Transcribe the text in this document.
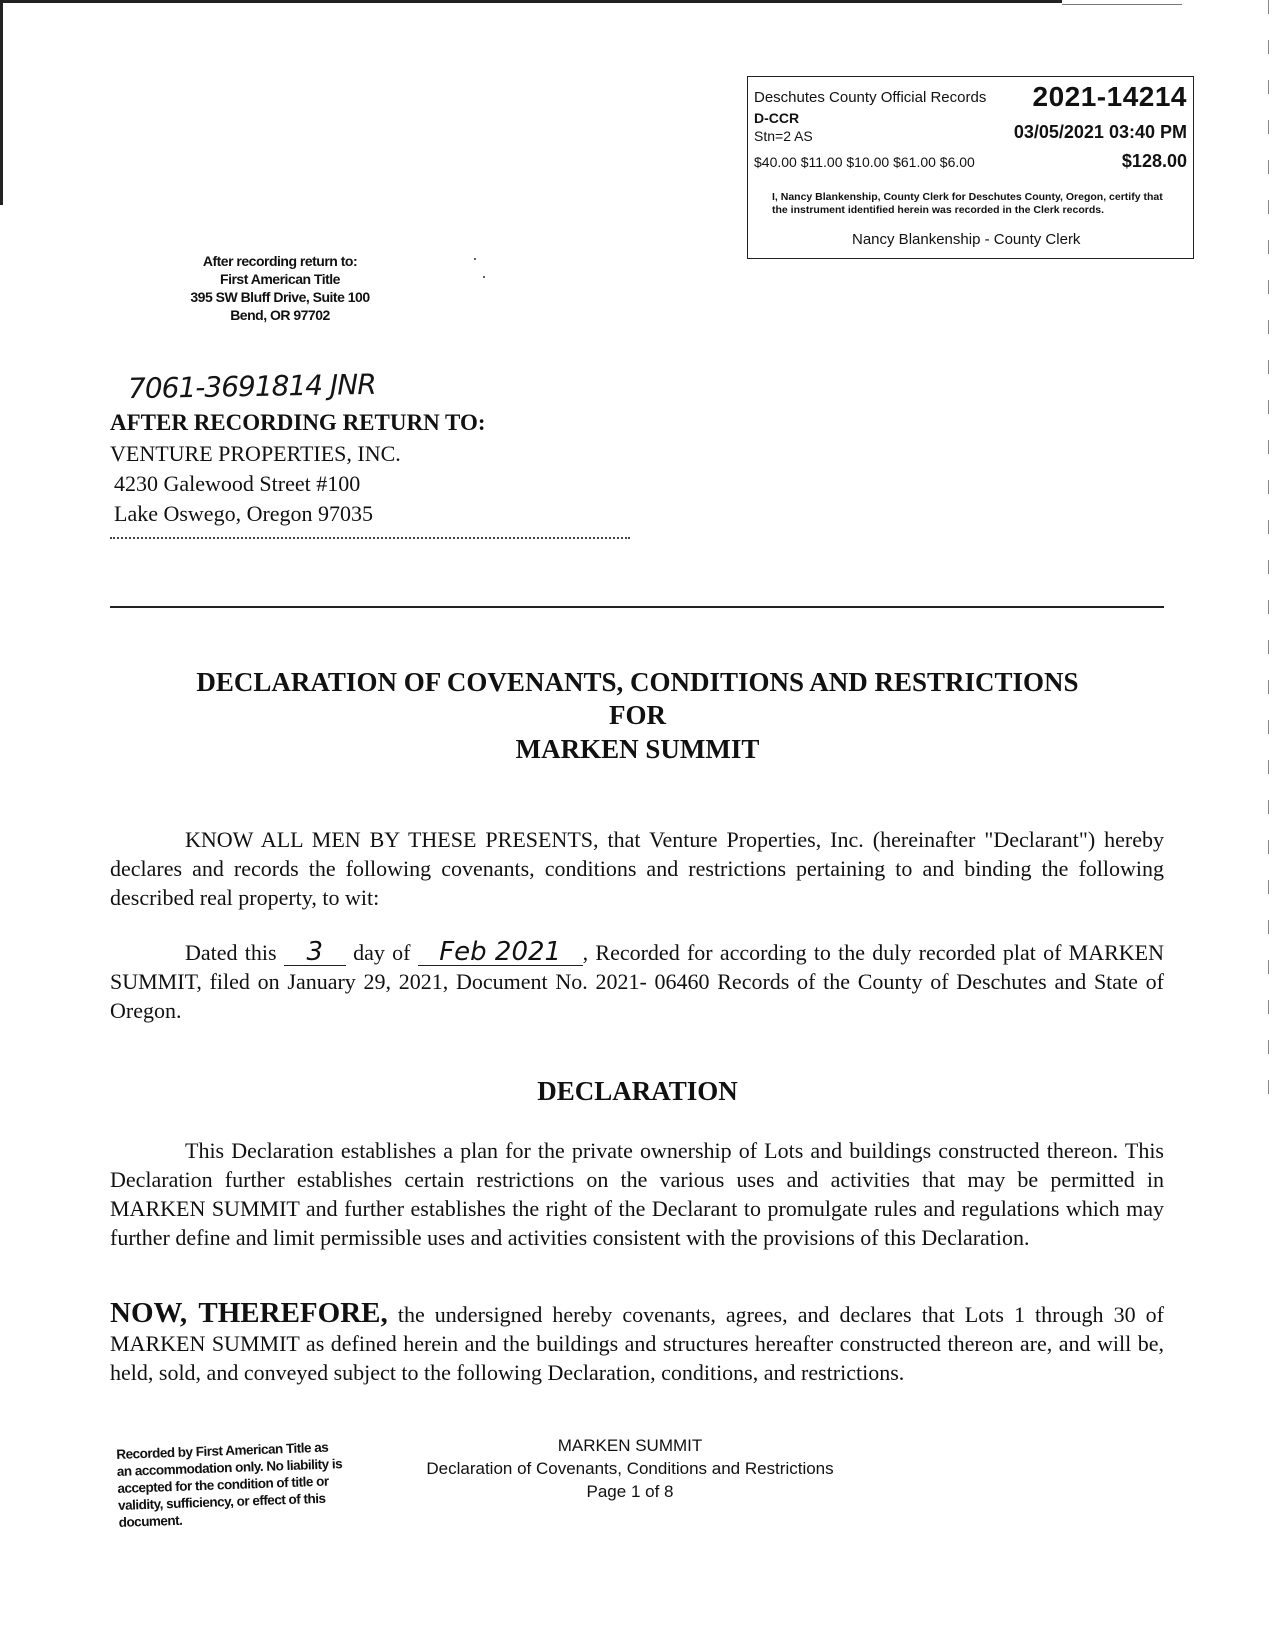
Deschutes County Official Records 2021-14214
D-CCR
Stn=2 AS	03/05/2021 03:40 PM
$40.00 $11.00 $10.00 $61.00 $6.00	$128.00
I, Nancy Blankenship, County Clerk for Deschutes County, Oregon, certify that the instrument identified herein was recorded in the Clerk records.
Nancy Blankenship - County Clerk
After recording return to:
First American Title
395 SW Bluff Drive, Suite 100
Bend, OR 97702
7061-3691814 JNR
AFTER RECORDING RETURN TO:
VENTURE PROPERTIES, INC.
4230 Galewood Street #100
Lake Oswego, Oregon 97035
DECLARATION OF COVENANTS, CONDITIONS AND RESTRICTIONS
FOR
MARKEN SUMMIT

KNOW ALL MEN BY THESE PRESENTS, that Venture Properties, Inc. (hereinafter "Declarant") hereby declares and records the following covenants, conditions and restrictions pertaining to and binding the following described real property, to wit:

Dated this 3 day of Feb 2021 , Recorded for according to the duly recorded plat of MARKEN SUMMIT, filed on January 29, 2021, Document No. 2021- 06460 Records of the County of Deschutes and State of Oregon.

DECLARATION

This Declaration establishes a plan for the private ownership of Lots and buildings constructed thereon. This Declaration further establishes certain restrictions on the various uses and activities that may be permitted in MARKEN SUMMIT and further establishes the right of the Declarant to promulgate rules and regulations which may further define and limit permissible uses and activities consistent with the provisions of this Declaration.

NOW, THEREFORE, the undersigned hereby covenants, agrees, and declares that Lots 1 through 30 of MARKEN SUMMIT as defined herein and the buildings and structures hereafter constructed thereon are, and will be, held, sold, and conveyed subject to the following Declaration, conditions, and restrictions.

MARKEN SUMMIT
Declaration of Covenants, Conditions and Restrictions
Page 1 of 8
Recorded by First American Title as an accommodation only. No liability is accepted for the condition of title or validity, sufficiency, or effect of this document.
